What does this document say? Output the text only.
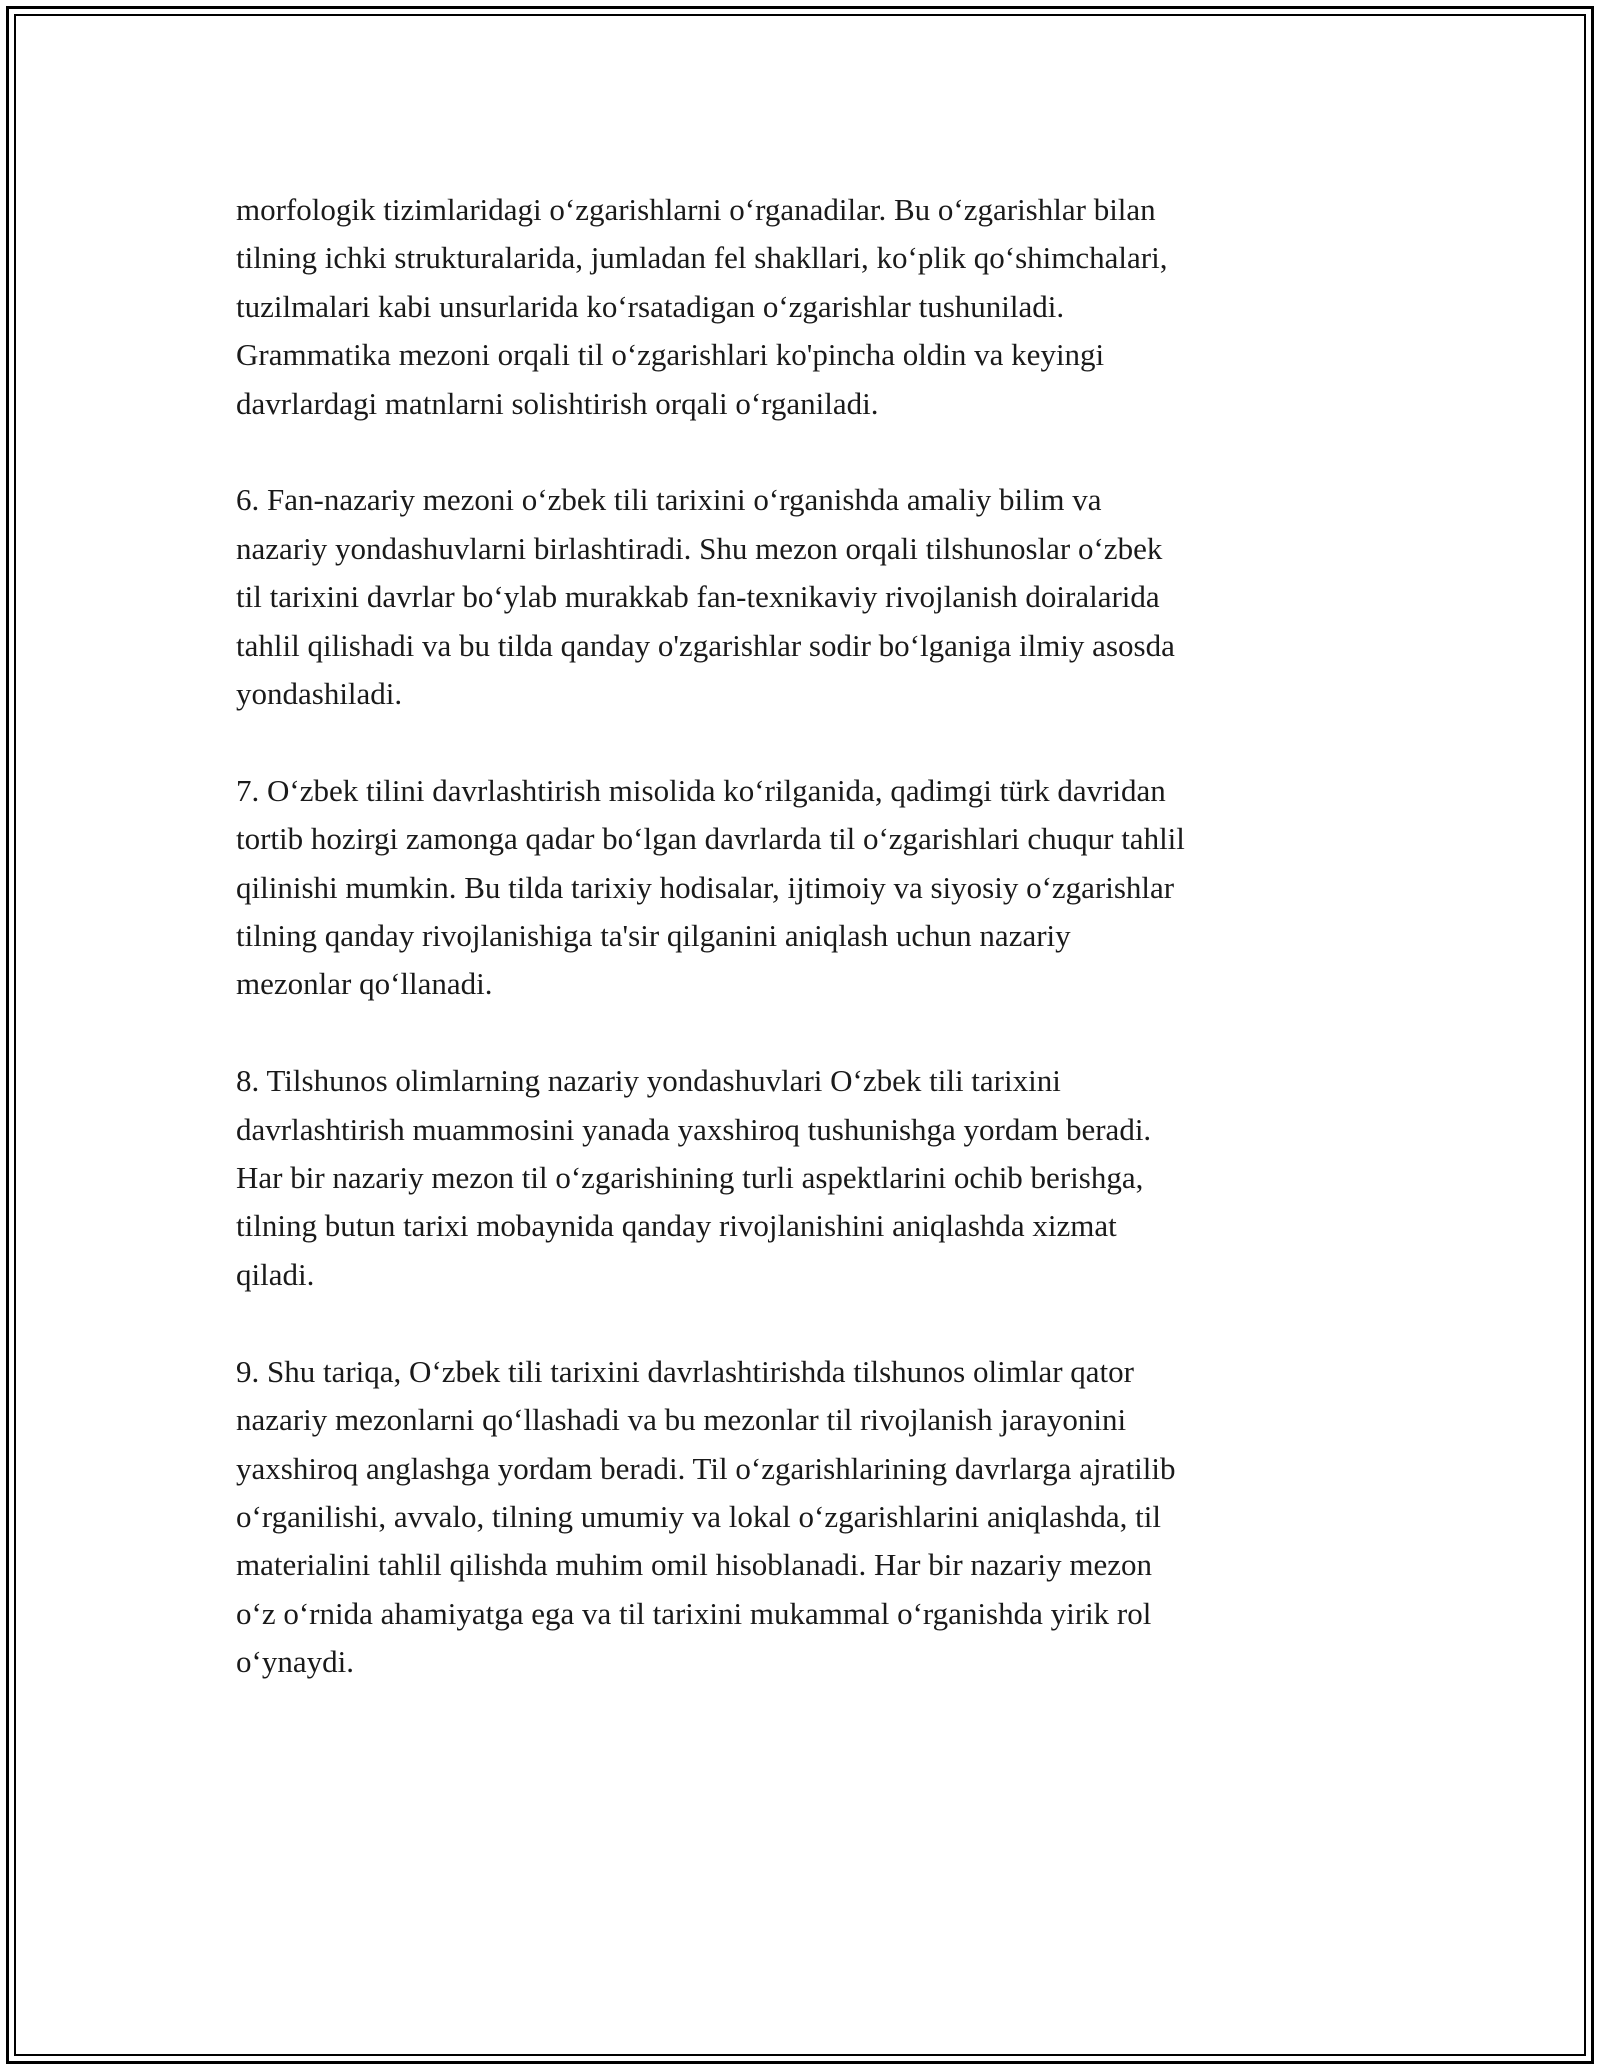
morfologik tizimlaridagi o‘zgarishlarni o‘rganadilar. Bu o‘zgarishlar bilan
tilning ichki strukturalarida, jumladan fel shakllari, ko‘plik qo‘shimchalari,
tuzilmalari kabi unsurlarida ko‘rsatadigan o‘zgarishlar tushuniladi.
Grammatika mezoni orqali til o‘zgarishlari ko'pincha oldin va keyingi
davrlardagi matnlarni solishtirish orqali o‘rganiladi.

6. Fan-nazariy mezoni o‘zbek tili tarixini o‘rganishda amaliy bilim va
nazariy yondashuvlarni birlashtiradi. Shu mezon orqali tilshunoslar o‘zbek
til tarixini davrlar bo‘ylab murakkab fan-texnikaviy rivojlanish doiralarida
tahlil qilishadi va bu tilda qanday o'zgarishlar sodir bo‘lganiga ilmiy asosda
yondashiladi.

7. O‘zbek tilini davrlashtirish misolida ko‘rilganida, qadimgi türk davridan
tortib hozirgi zamonga qadar bo‘lgan davrlarda til o‘zgarishlari chuqur tahlil
qilinishi mumkin. Bu tilda tarixiy hodisalar, ijtimoiy va siyosiy o‘zgarishlar
tilning qanday rivojlanishiga ta'sir qilganini aniqlash uchun nazariy
mezonlar qo‘llanadi.

8. Tilshunos olimlarning nazariy yondashuvlari O‘zbek tili tarixini
davrlashtirish muammosini yanada yaxshiroq tushunishga yordam beradi.
Har bir nazariy mezon til o‘zgarishining turli aspektlarini ochib berishga,
tilning butun tarixi mobaynida qanday rivojlanishini aniqlashda xizmat
qiladi.

9. Shu tariqa, O‘zbek tili tarixini davrlashtirishda tilshunos olimlar qator
nazariy mezonlarni qo‘llashadi va bu mezonlar til rivojlanish jarayonini
yaxshiroq anglashga yordam beradi. Til o‘zgarishlarining davrlarga ajratilib
o‘rganilishi, avvalo, tilning umumiy va lokal o‘zgarishlarini aniqlashda, til
materialini tahlil qilishda muhim omil hisoblanadi. Har bir nazariy mezon
o‘z o‘rnida ahamiyatga ega va til tarixini mukammal o‘rganishda yirik rol
o‘ynaydi.
